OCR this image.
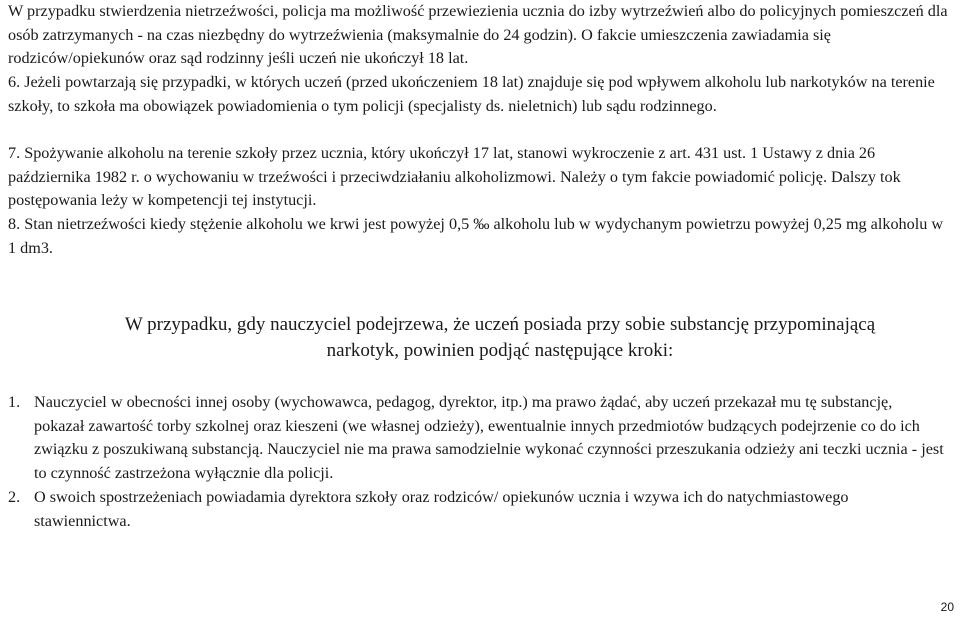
W przypadku stwierdzenia nietrzeźwości, policja ma możliwość przewiezienia ucznia do izby wytrzeźwień albo do policyjnych pomieszczeń dla osób zatrzymanych - na czas niezbędny do wytrzeźwienia (maksymalnie do 24 godzin). O fakcie umieszczenia zawiadamia się rodziców/opiekunów oraz sąd rodzinny jeśli uczeń nie ukończył 18 lat.

6. Jeżeli powtarzają się przypadki, w których uczeń (przed ukończeniem 18 lat) znajduje się pod wpływem alkoholu lub narkotyków na terenie szkoły, to szkoła ma obowiązek powiadomienia o tym policji (specjalisty ds. nieletnich) lub sądu rodzinnego.

7. Spożywanie alkoholu na terenie szkoły przez ucznia, który ukończył 17 lat, stanowi wykroczenie z art. 431 ust. 1 Ustawy z dnia 26 października 1982 r. o wychowaniu w trzeźwości i przeciwdziałaniu alkoholizmowi. Należy o tym fakcie powiadomić policję. Dalszy tok postępowania leży w kompetencji tej instytucji.

8. Stan nietrzeźwości kiedy stężenie alkoholu we krwi jest powyżej 0,5 ‰ alkoholu lub w wydychanym powietrzu powyżej 0,25 mg alkoholu w 1 dm3.

W przypadku, gdy nauczyciel podejrzewa, że uczeń posiada przy sobie substancję przypominającą
narkotyk, powinien podjąć następujące kroki:
1. Nauczyciel w obecności innej osoby (wychowawca, pedagog, dyrektor, itp.) ma prawo żądać, aby uczeń przekazał mu tę substancję, pokazał zawartość torby szkolnej oraz kieszeni (we własnej odzieży), ewentualnie innych przedmiotów budzących podejrzenie co do ich związku z poszukiwaną substancją. Nauczyciel nie ma prawa samodzielnie wykonać czynności przeszukania odzieży ani teczki ucznia - jest to czynność zastrzeżona wyłącznie dla policji.
2. O swoich spostrzeżeniach powiadamia dyrektora szkoły oraz rodziców/ opiekunów ucznia i wzywa ich do natychmiastowego stawiennictwa.
20
